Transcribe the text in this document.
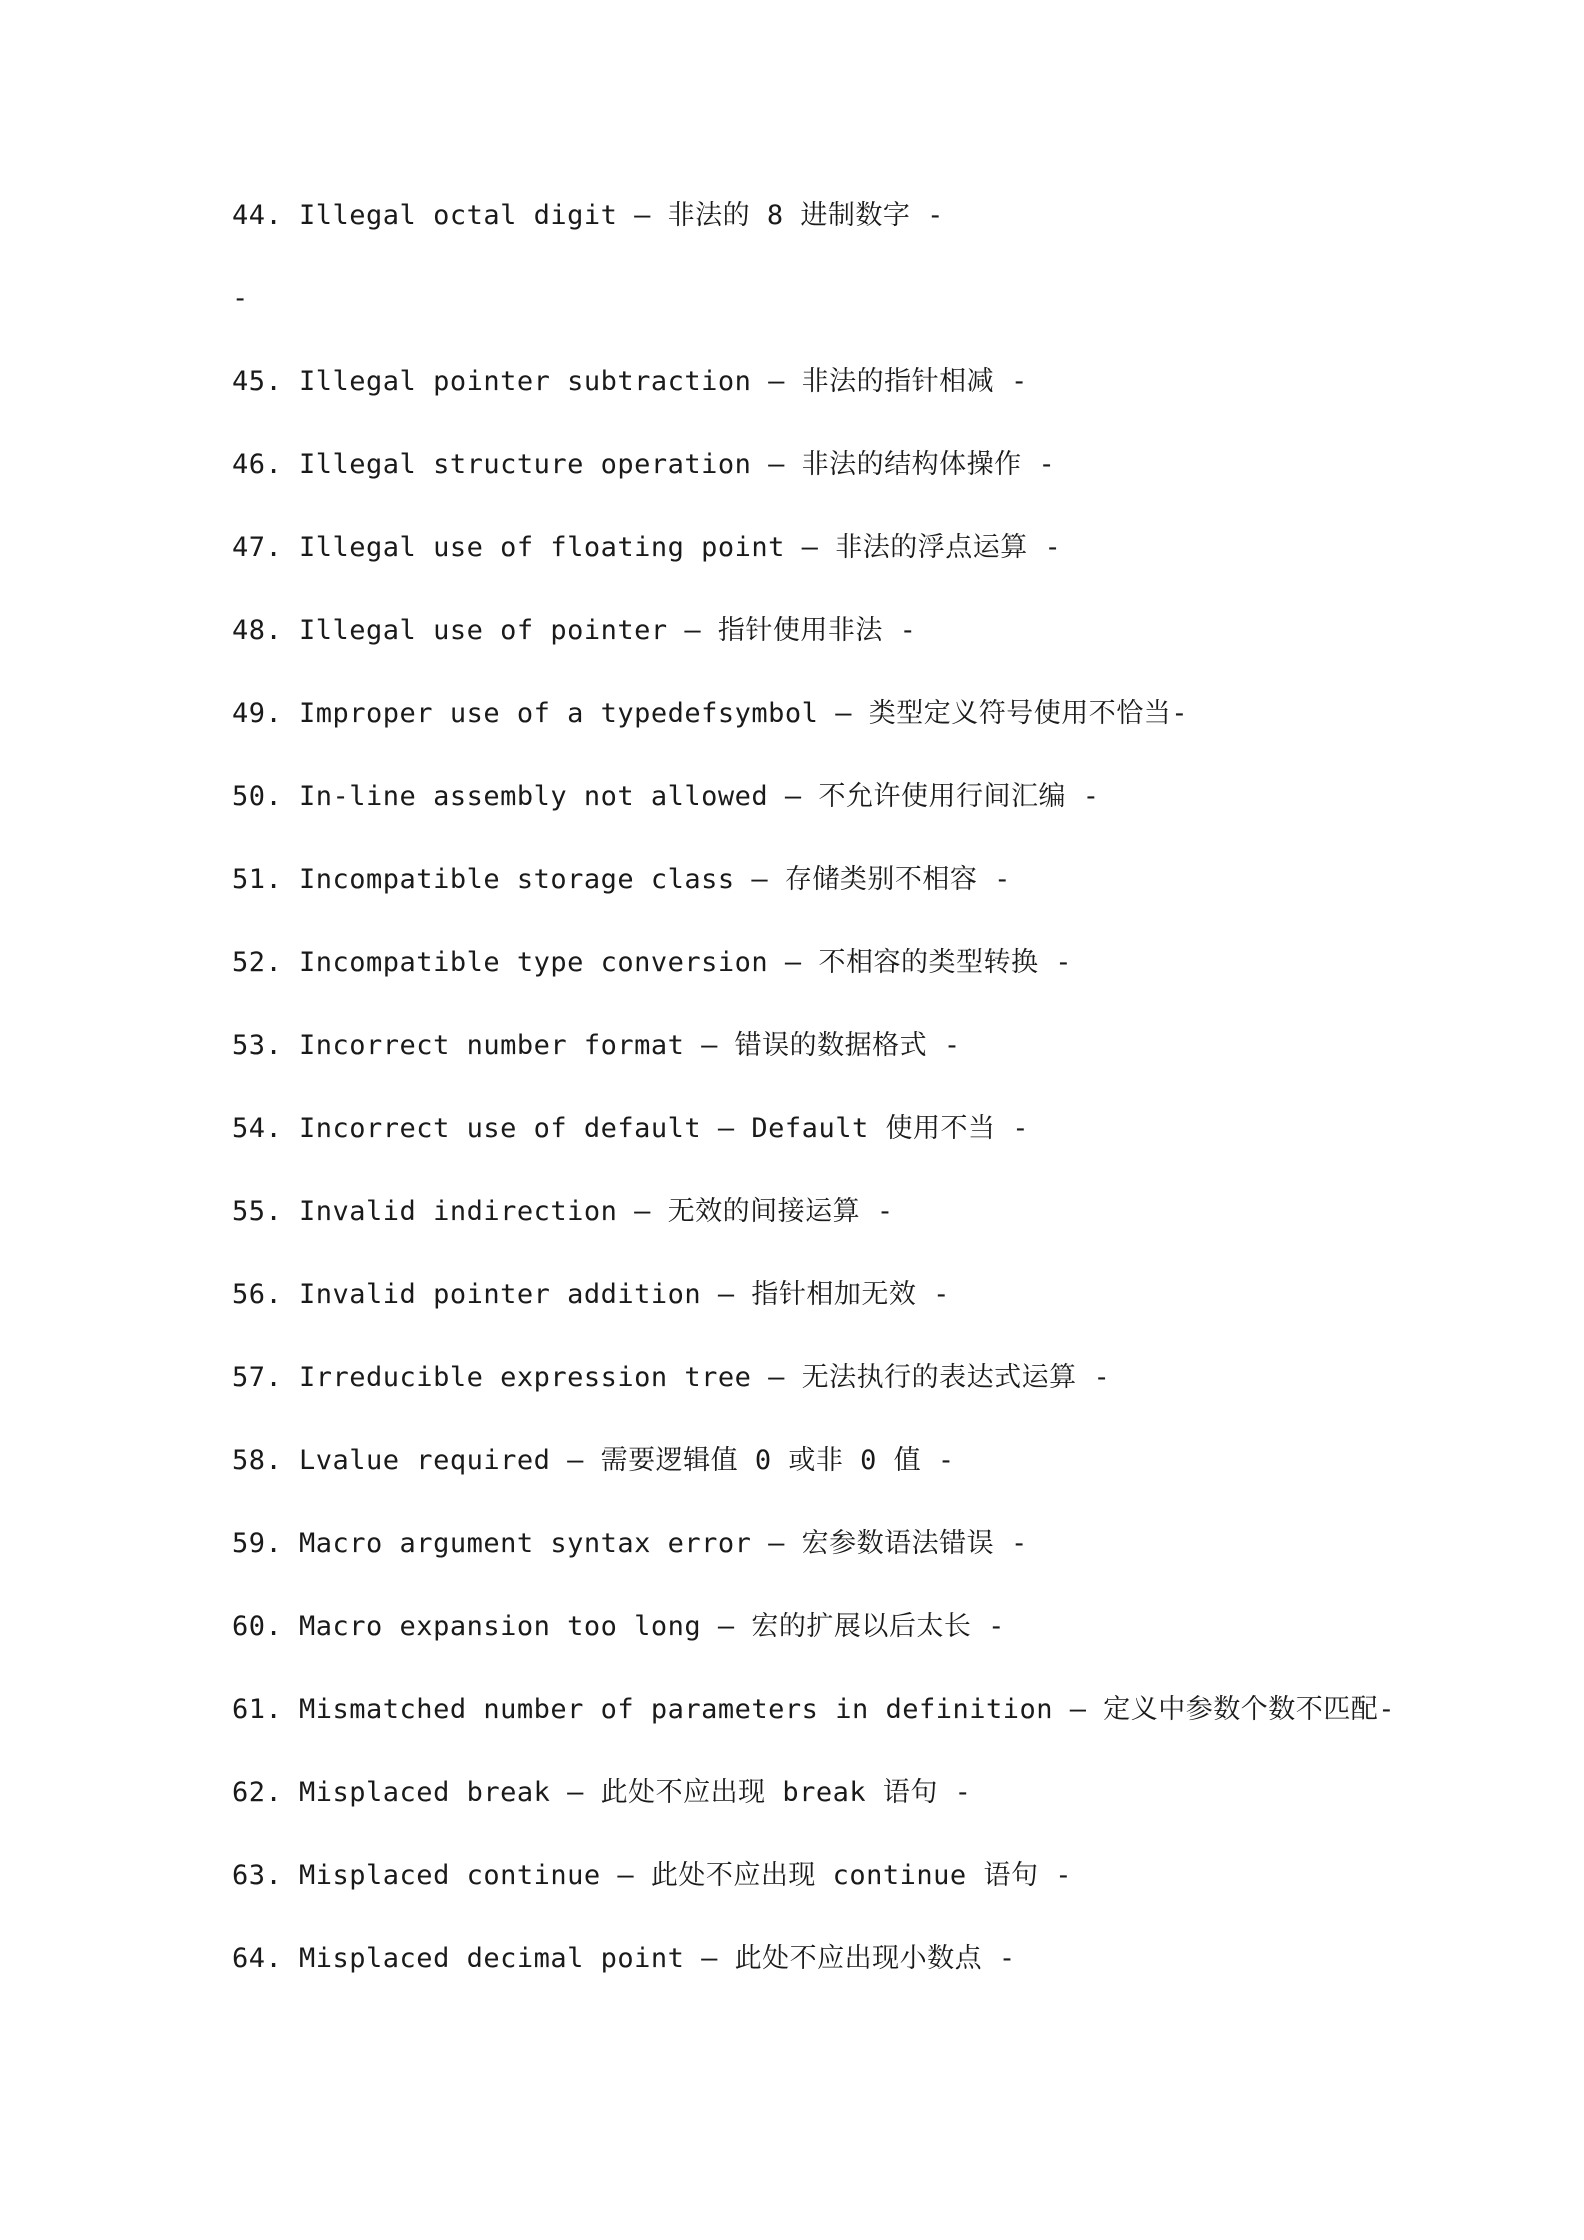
44. Illegal octal digit — 非法的 8 进制数字 -
-
45. Illegal pointer subtraction — 非法的指针相减 -
46. Illegal structure operation — 非法的结构体操作 -
47. Illegal use of floating point — 非法的浮点运算 -
48. Illegal use of pointer — 指针使用非法 -
49. Improper use of a typedefsymbol — 类型定义符号使用不恰当-
50. In-line assembly not allowed — 不允许使用行间汇编 -
51. Incompatible storage class — 存储类别不相容 -
52. Incompatible type conversion — 不相容的类型转换 -
53. Incorrect number format — 错误的数据格式 -
54. Incorrect use of default — Default 使用不当 -
55. Invalid indirection — 无效的间接运算 -
56. Invalid pointer addition — 指针相加无效 -
57. Irreducible expression tree — 无法执行的表达式运算 -
58. Lvalue required — 需要逻辑值 0 或非 0 值 -
59. Macro argument syntax error — 宏参数语法错误 -
60. Macro expansion too long — 宏的扩展以后太长 -
61. Mismatched number of parameters in definition — 定义中参数个数不匹配-
62. Misplaced break — 此处不应出现 break 语句 -
63. Misplaced continue — 此处不应出现 continue 语句 -
64. Misplaced decimal point — 此处不应出现小数点 -
